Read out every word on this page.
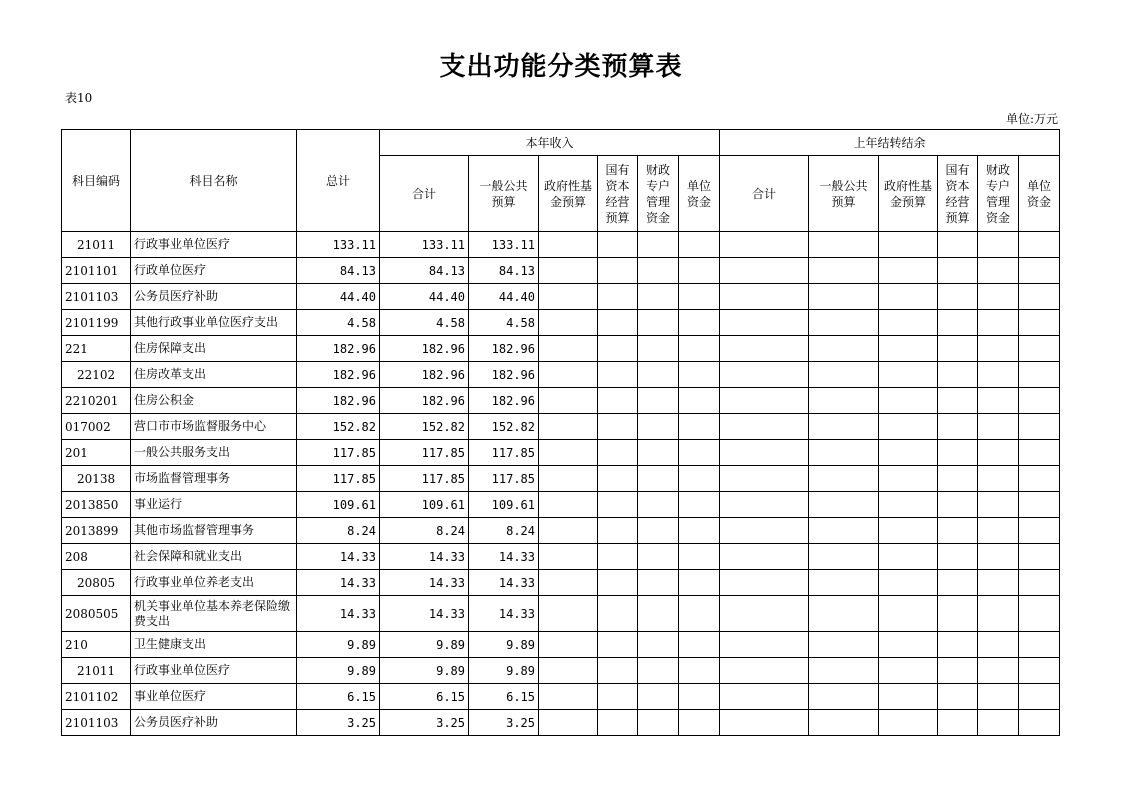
支出功能分类预算表
表10
单位:万元
科目编码	科目名称	总计	本年收入						上年结转结余					
			合计	一般公共预算	政府性基金预算	国有资本经营预算	财政专户管理资金	单位资金	合计	一般公共预算	政府性基金预算	国有资本经营预算	财政专户管理资金	单位资金
21011	行政事业单位医疗	133.11	133.11	133.11										
2101101	行政单位医疗	84.13	84.13	84.13										
2101103	公务员医疗补助	44.40	44.40	44.40										
2101199	其他行政事业单位医疗支出	4.58	4.58	4.58										
221	住房保障支出	182.96	182.96	182.96										
22102	住房改革支出	182.96	182.96	182.96										
2210201	住房公积金	182.96	182.96	182.96										
017002	营口市市场监督服务中心	152.82	152.82	152.82										
201	一般公共服务支出	117.85	117.85	117.85										
20138	市场监督管理事务	117.85	117.85	117.85										
2013850	事业运行	109.61	109.61	109.61										
2013899	其他市场监督管理事务	8.24	8.24	8.24										
208	社会保障和就业支出	14.33	14.33	14.33										
20805	行政事业单位养老支出	14.33	14.33	14.33										
2080505	机关事业单位基本养老保险缴费支出	14.33	14.33	14.33										
210	卫生健康支出	9.89	9.89	9.89										
21011	行政事业单位医疗	9.89	9.89	9.89										
2101102	事业单位医疗	6.15	6.15	6.15										
2101103	公务员医疗补助	3.25	3.25	3.25										
